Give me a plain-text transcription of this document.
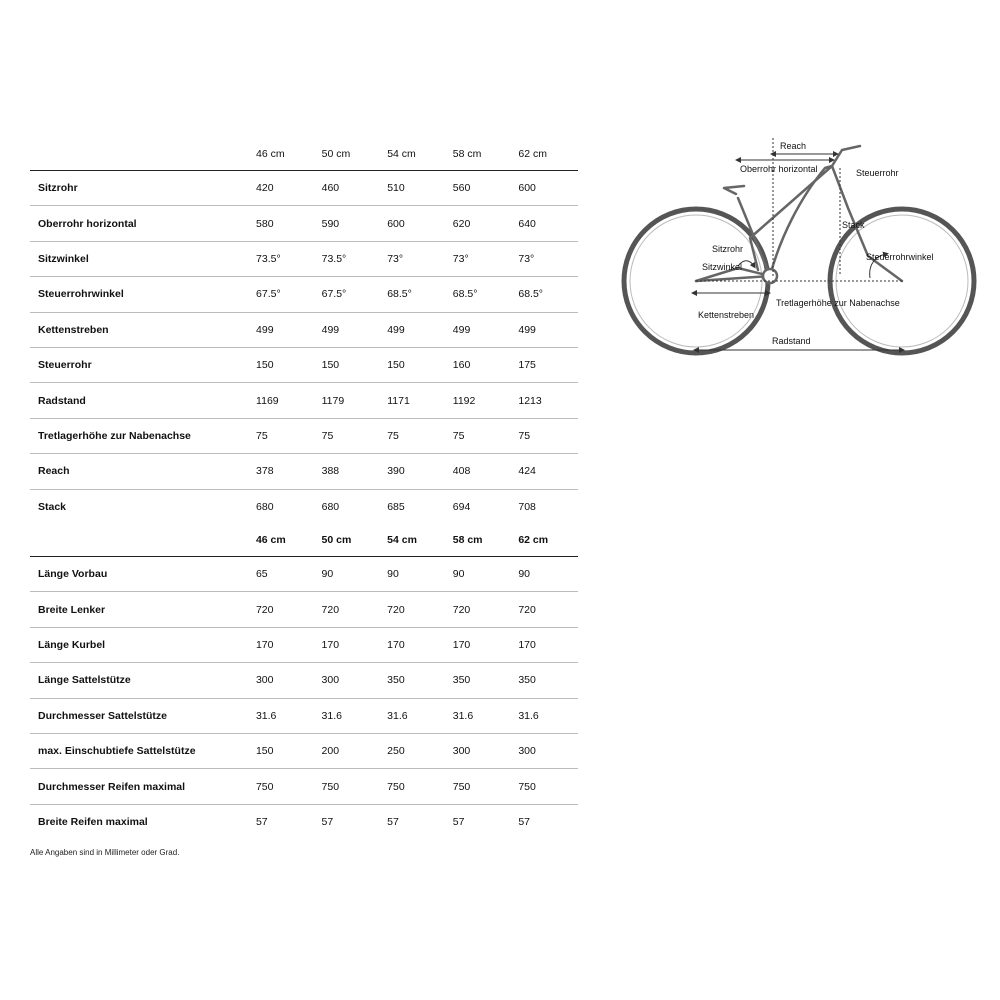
	46 cm	50 cm	54 cm	58 cm	62 cm
Sitzrohr	420	460	510	560	600
Oberrohr horizontal	580	590	600	620	640
Sitzwinkel	73.5°	73.5°	73°	73°	73°
Steuerrohrwinkel	67.5°	67.5°	68.5°	68.5°	68.5°
Kettenstreben	499	499	499	499	499
Steuerrohr	150	150	150	160	175
Radstand	1169	1179	1171	1192	1213
Tretlagerhöhe zur Nabenachse	75	75	75	75	75
Reach	378	388	390	408	424
Stack	680	680	685	694	708
	46 cm	50 cm	54 cm	58 cm	62 cm
Länge Vorbau	65	90	90	90	90
Breite Lenker	720	720	720	720	720
Länge Kurbel	170	170	170	170	170
Länge Sattelstütze	300	300	350	350	350
Durchmesser Sattelstütze	31.6	31.6	31.6	31.6	31.6
max. Einschubtiefe Sattelstütze	150	200	250	300	300
Durchmesser Reifen maximal	750	750	750	750	750
Breite Reifen maximal	57	57	57	57	57
Alle Angaben sind in Millimeter oder Grad.
Reach
Oberrohr horizontal	Steuerrohr
Stack
Sitzrohr
Sitzwinkel
Steuerrohrwinkel
Tretlagerhöhe zur Nabenachse
Kettenstreben
Radstand
